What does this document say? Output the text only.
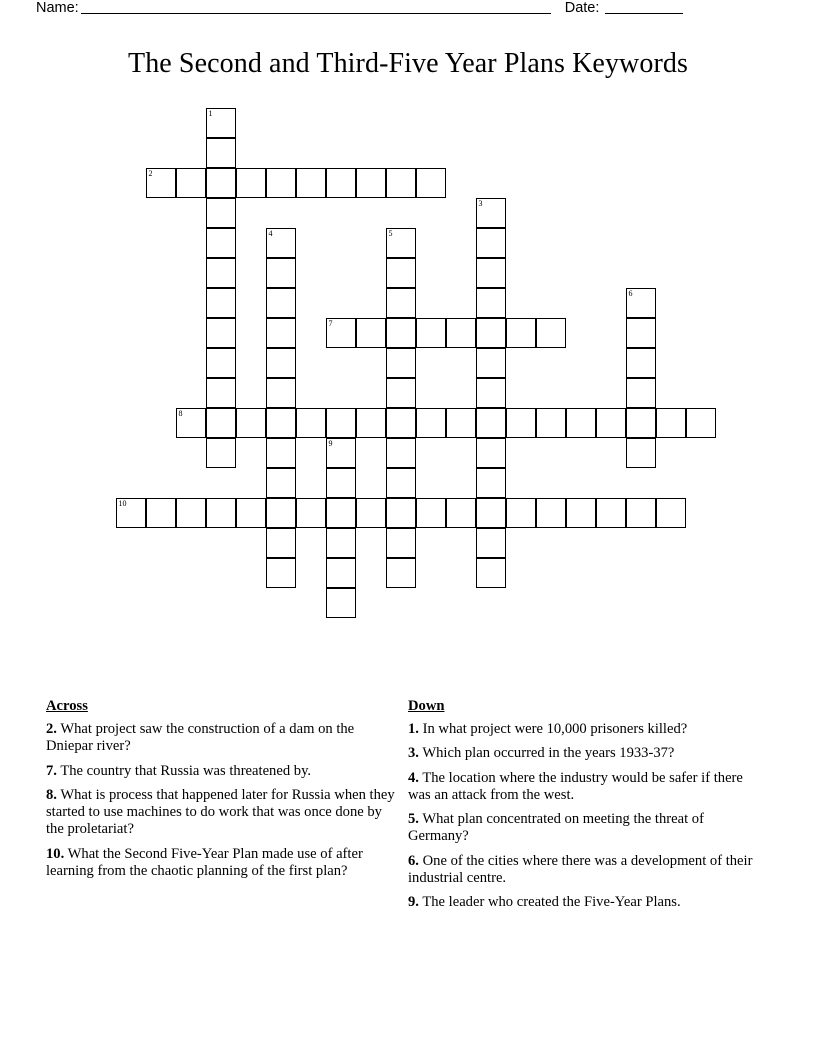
Name:	Date:
The Second and Third-Five Year Plans Keywords
1
2
3
4	5
6
7
8
9
10
Across
2. What project saw the construction of a dam on the Dniepar river?
7. The country that Russia was threatened by.
8. What is process that happened later for Russia when they started to use machines to do work that was once done by the proletariat?
10. What the Second Five-Year Plan made use of after learning from the chaotic planning of the first plan?
Down
1. In what project were 10,000 prisoners killed?
3. Which plan occurred in the years 1933-37?
4. The location where the industry would be safer if there was an attack from the west.
5. What plan concentrated on meeting the threat of Germany?
6. One of the cities where there was a development of their industrial centre.
9. The leader who created the Five-Year Plans.
